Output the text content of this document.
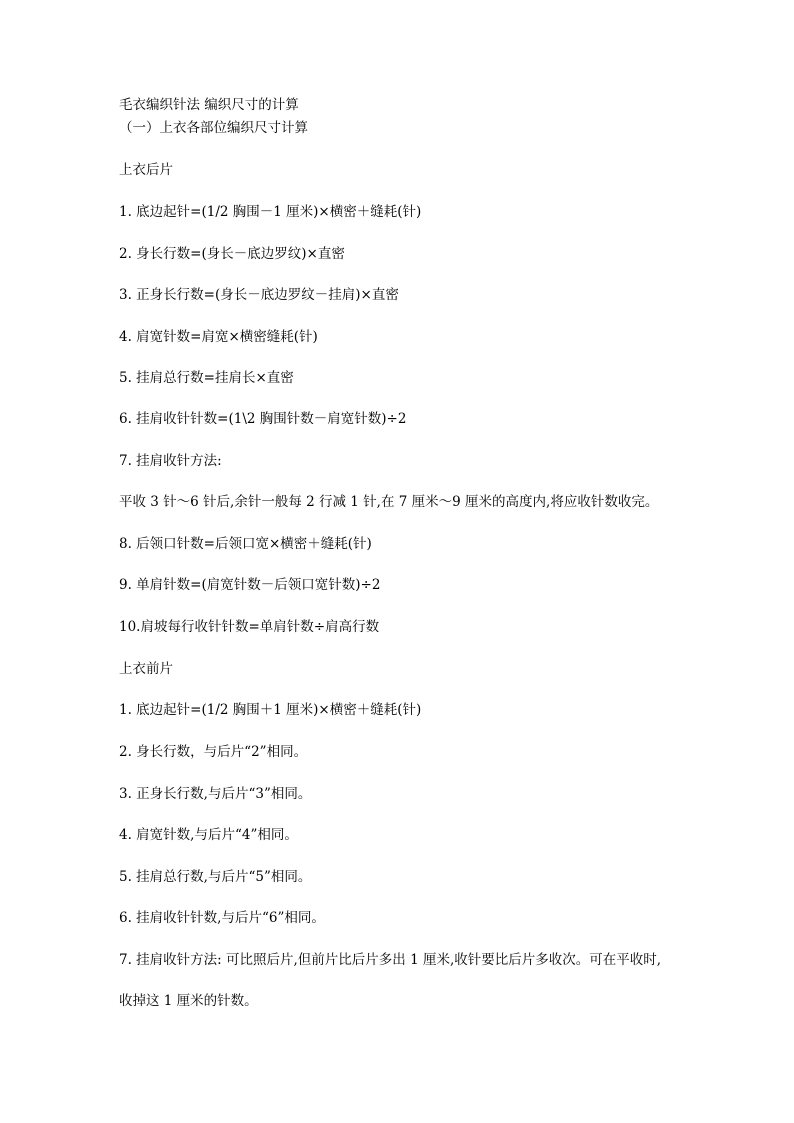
毛衣编织针法 编织尺寸的计算
（一）上衣各部位编织尺寸计算
上衣后片
1. 底边起针=(1/2 胸围－1 厘米)×横密＋缝耗(针)
2. 身长行数=(身长－底边罗纹)×直密
3. 正身长行数=(身长－底边罗纹－挂肩)×直密
4. 肩宽针数=肩宽×横密缝耗(针)
5. 挂肩总行数=挂肩长×直密
6. 挂肩收针针数=(1\2 胸围针数－肩宽针数)÷2
7. 挂肩收针方法:
平收 3 针～6 针后,余针一般每 2 行减 1 针,在 7 厘米～9 厘米的高度内,将应收针数收完。
8. 后领口针数=后领口宽×横密＋缝耗(针)
9. 单肩针数=(肩宽针数－后领口宽针数)÷2
10.肩坡每行收针针数=单肩针数÷肩高行数
上衣前片
1. 底边起针=(1/2 胸围＋1 厘米)×横密＋缝耗(针)
2. 身长行数，与后片“2”相同。
3. 正身长行数,与后片“3”相同。
4. 肩宽针数,与后片“4”相同。
5. 挂肩总行数,与后片“5”相同。
6. 挂肩收针针数,与后片“6”相同。
7. 挂肩收针方法: 可比照后片,但前片比后片多出 1 厘米,收针要比后片多收次。可在平收时,
收掉这 1 厘米的针数。
